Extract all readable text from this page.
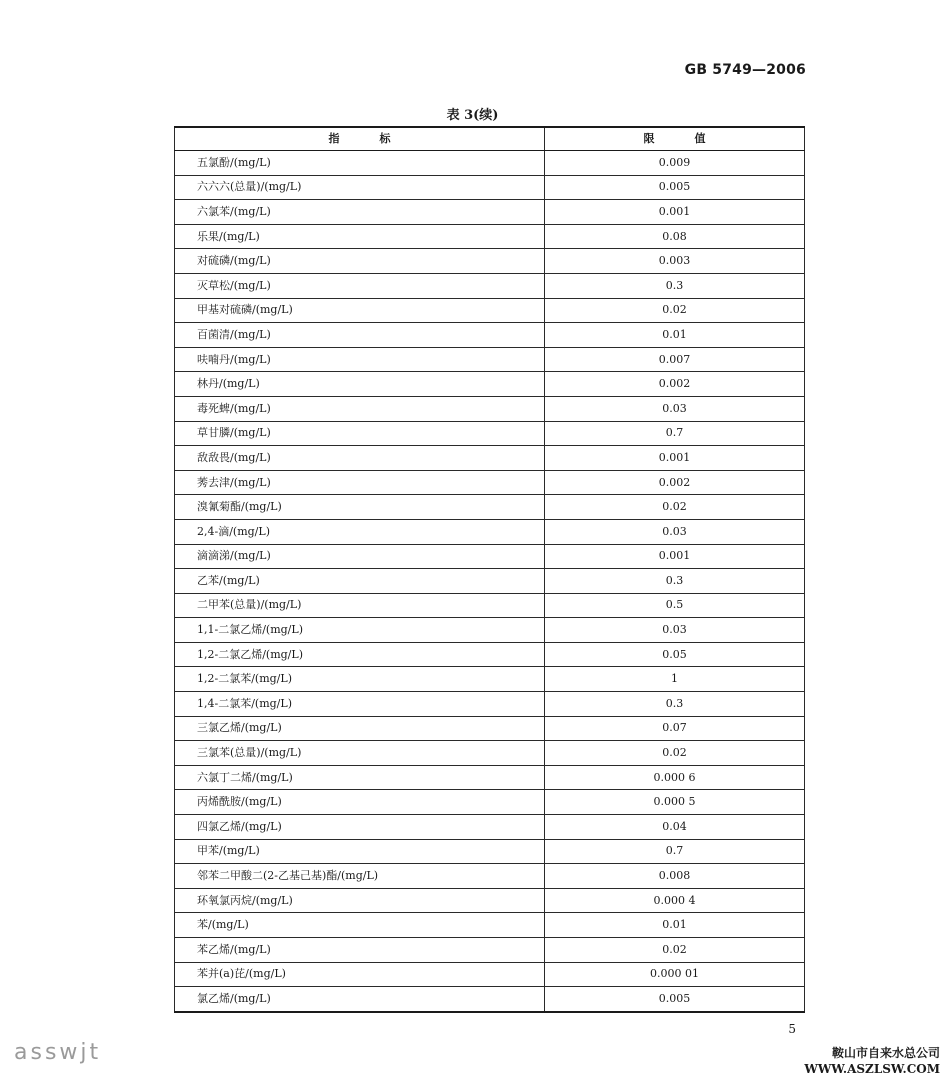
GB 5749—2006
表 3(续)
指标	限值
五氯酚/(mg/L)	0.009
六六六(总量)/(mg/L)	0.005
六氯苯/(mg/L)	0.001
乐果/(mg/L)	0.08
对硫磷/(mg/L)	0.003
灭草松/(mg/L)	0.3
甲基对硫磷/(mg/L)	0.02
百菌清/(mg/L)	0.01
呋喃丹/(mg/L)	0.007
林丹/(mg/L)	0.002
毒死蜱/(mg/L)	0.03
草甘膦/(mg/L)	0.7
敌敌畏/(mg/L)	0.001
莠去津/(mg/L)	0.002
溴氰菊酯/(mg/L)	0.02
2,4-滴/(mg/L)	0.03
滴滴涕/(mg/L)	0.001
乙苯/(mg/L)	0.3
二甲苯(总量)/(mg/L)	0.5
1,1-二氯乙烯/(mg/L)	0.03
1,2-二氯乙烯/(mg/L)	0.05
1,2-二氯苯/(mg/L)	1
1,4-二氯苯/(mg/L)	0.3
三氯乙烯/(mg/L)	0.07
三氯苯(总量)/(mg/L)	0.02
六氯丁二烯/(mg/L)	0.000 6
丙烯酰胺/(mg/L)	0.000 5
四氯乙烯/(mg/L)	0.04
甲苯/(mg/L)	0.7
邻苯二甲酸二(2-乙基己基)酯/(mg/L)	0.008
环氧氯丙烷/(mg/L)	0.000 4
苯/(mg/L)	0.01
苯乙烯/(mg/L)	0.02
苯并(a)芘/(mg/L)	0.000 01
氯乙烯/(mg/L)	0.005
5
asswjt	鞍山市自来水总公司
WWW.ASZLSW.COM
